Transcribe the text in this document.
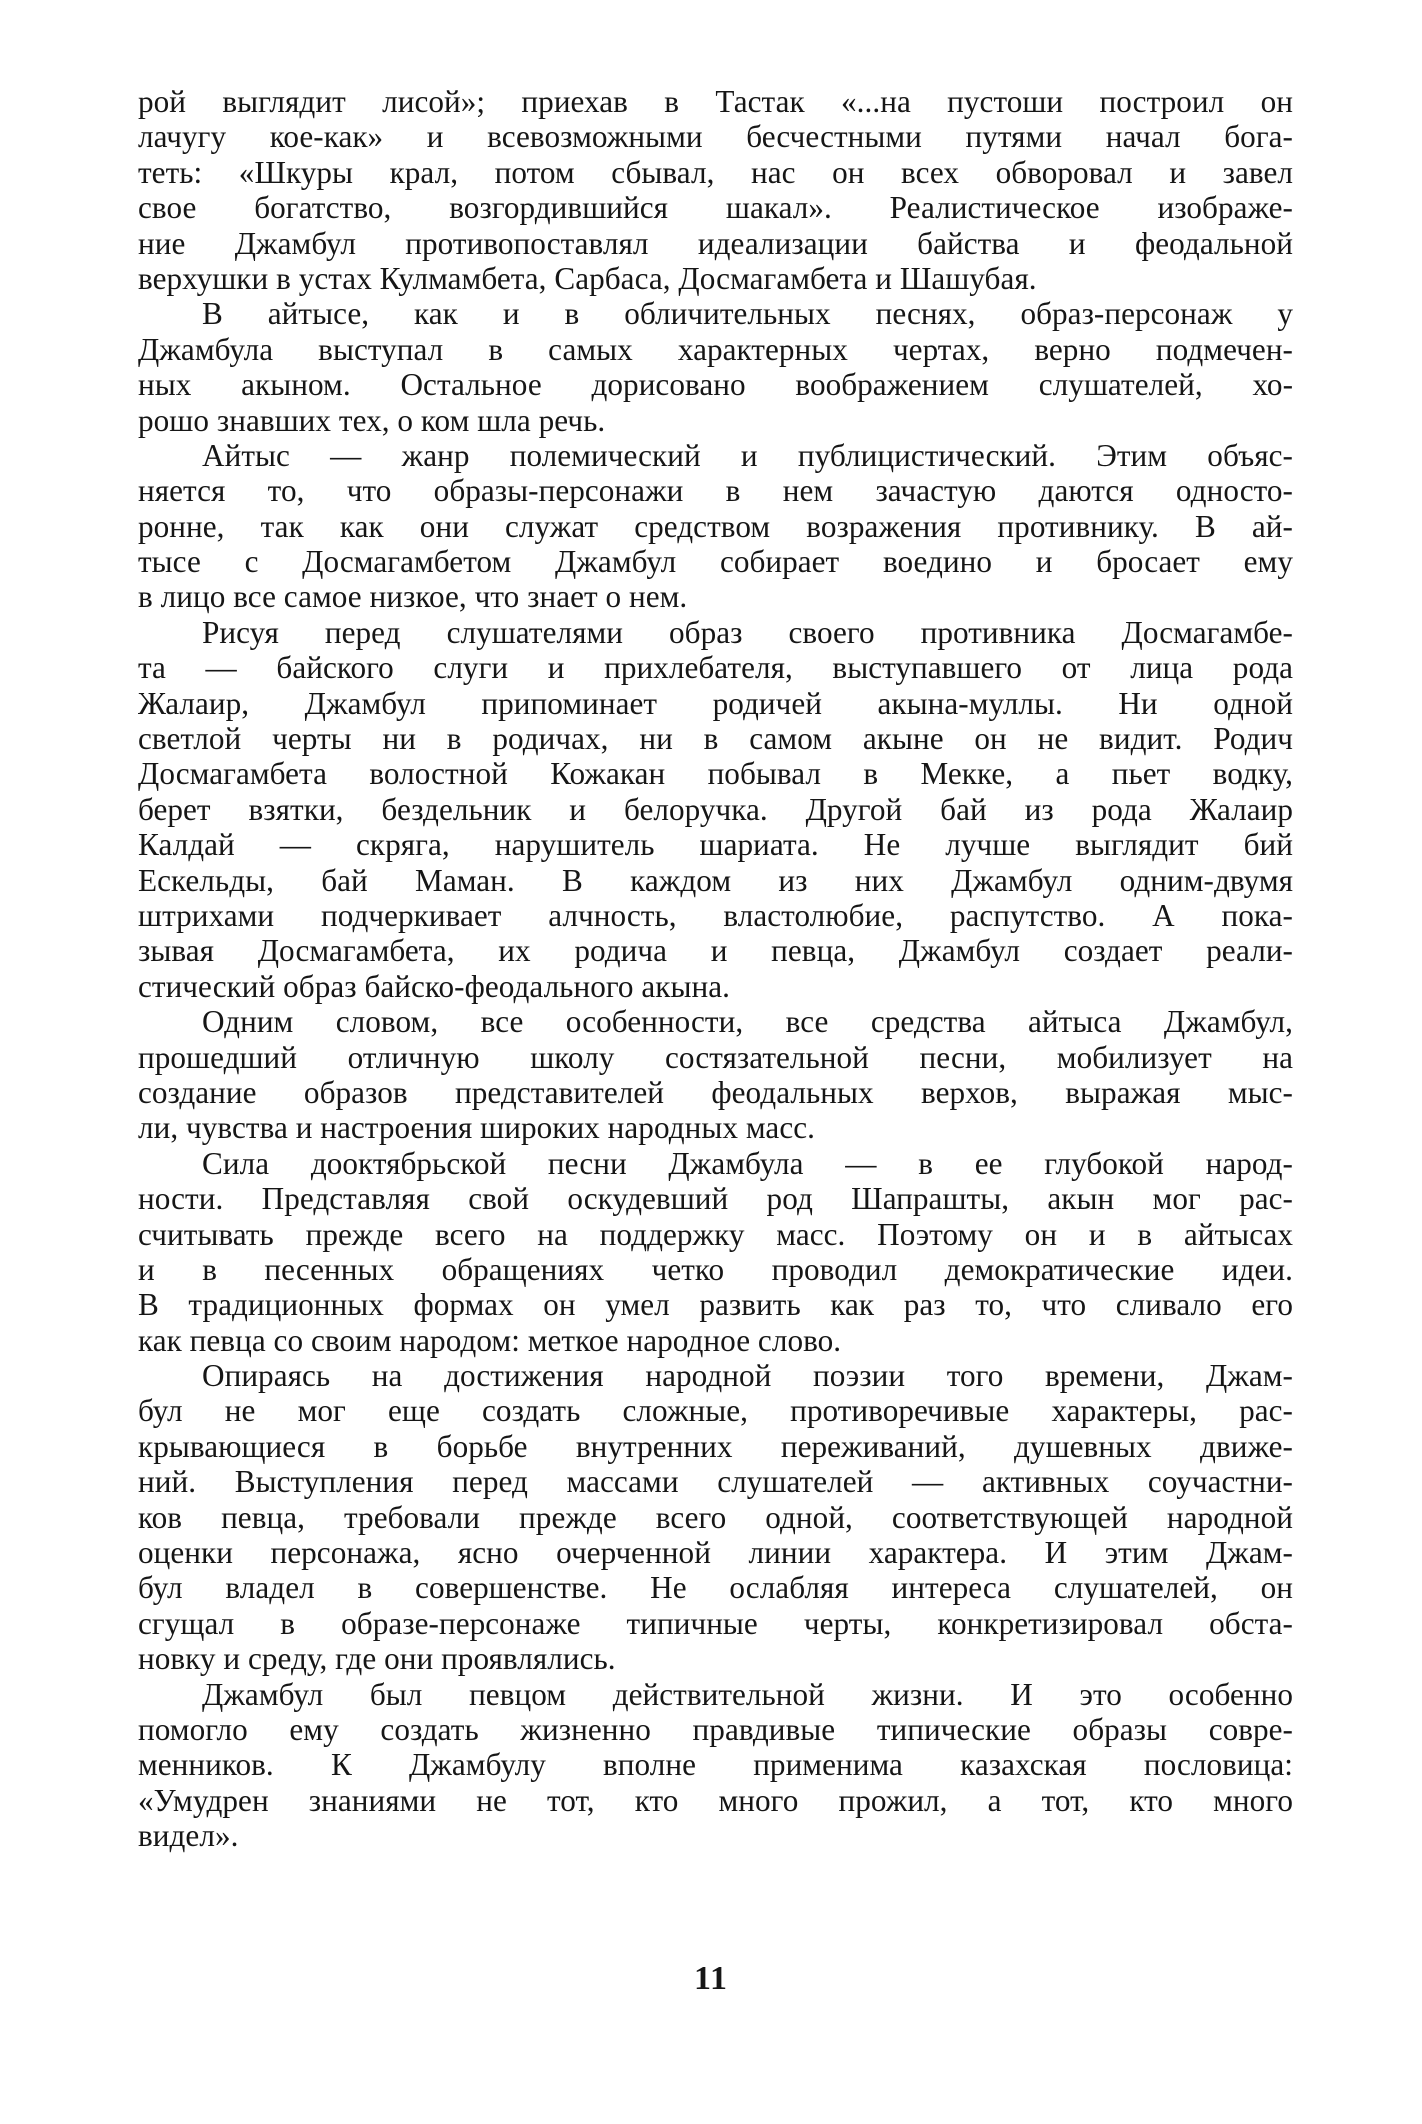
рой выглядит лисой»; приехав в Тастак «...на пустоши построил он
лачугу кое-как» и всевозможными бесчестными путями начал бога-
теть: «Шкуры крал, потом сбывал, нас он всех обворовал и завел
свое богатство, возгордившийся шакал». Реалистическое изображе-
ние Джамбул противопоставлял идеализации байства и феодальной
верхушки в устах Кулмамбета, Сарбаса, Досмагамбета и Шашубая.
В айтысе, как и в обличительных песнях, образ-персонаж у
Джамбула выступал в самых характерных чертах, верно подмечен-
ных акыном. Остальное дорисовано воображением слушателей, хо-
рошо знавших тех, о ком шла речь.
Айтыс — жанр полемический и публицистический. Этим объяс-
няется то, что образы-персонажи в нем зачастую даются односто-
ронне, так как они служат средством возражения противнику. В ай-
тысе с Досмагамбетом Джамбул собирает воедино и бросает ему
в лицо все самое низкое, что знает о нем.
Рисуя перед слушателями образ своего противника Досмагамбе-
та — байского слуги и прихлебателя, выступавшего от лица рода
Жалаир, Джамбул припоминает родичей акына-муллы. Ни одной
светлой черты ни в родичах, ни в самом акыне он не видит. Родич
Досмагамбета волостной Кожакан побывал в Мекке, а пьет водку,
берет взятки, бездельник и белоручка. Другой бай из рода Жалаир
Калдай — скряга, нарушитель шариата. Не лучше выглядит бий
Ескельды, бай Маман. В каждом из них Джамбул одним-двумя
штрихами подчеркивает алчность, властолюбие, распутство. А пока-
зывая Досмагамбета, их родича и певца, Джамбул создает реали-
стический образ байско-феодального акына.
Одним словом, все особенности, все средства айтыса Джамбул,
прошедший отличную школу состязательной песни, мобилизует на
создание образов представителей феодальных верхов, выражая мыс-
ли, чувства и настроения широких народных масс.
Сила дооктябрьской песни Джамбула — в ее глубокой народ-
ности. Представляя свой оскудевший род Шапрашты, акын мог рас-
считывать прежде всего на поддержку масс. Поэтому он и в айтысах
и в песенных обращениях четко проводил демократические идеи.
В традиционных формах он умел развить как раз то, что сливало его
как певца со своим народом: меткое народное слово.
Опираясь на достижения народной поэзии того времени, Джам-
бул не мог еще создать сложные, противоречивые характеры, рас-
крывающиеся в борьбе внутренних переживаний, душевных движе-
ний. Выступления перед массами слушателей — активных соучастни-
ков певца, требовали прежде всего одной, соответствующей народной
оценки персонажа, ясно очерченной линии характера. И этим Джам-
бул владел в совершенстве. Не ослабляя интереса слушателей, он
сгущал в образе-персонаже типичные черты, конкретизировал обста-
новку и среду, где они проявлялись.
Джамбул был певцом действительной жизни. И это особенно
помогло ему создать жизненно правдивые типические образы совре-
менников. К Джамбулу вполне применима казахская пословица:
«Умудрен знаниями не тот, кто много прожил, а тот, кто много
видел».
11
